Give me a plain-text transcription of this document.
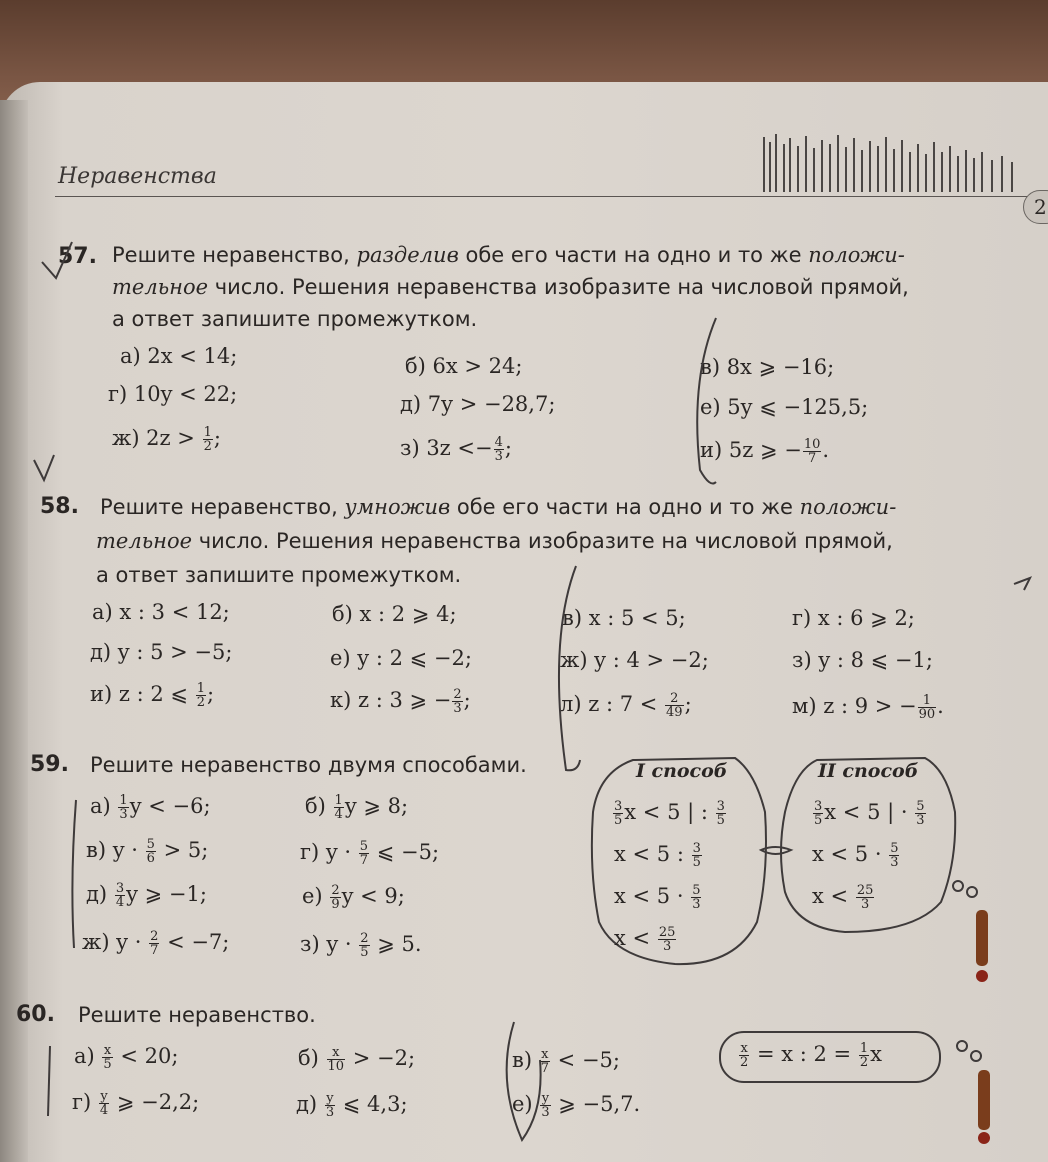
Неравенства
2
57. Решите неравенство, разделив обе его части на одно и то же положи-
тельное число. Решения неравенства изобразите на числовой прямой,
а ответ запишите промежутком.
а) 2x < 14;	б) 6x > 24;	в) 8x ⩾ −16;
г) 10y < 22;	д) 7y > −28,7;	е) 5y ⩽ −125,5;
ж) $2z > \frac{1}{2}$ ;	з) $3z <- \frac{4}{3}$ ;	и) 5z ⩾ − $\frac{10}{7}$ .
58. Решите неравенство, умножив обе его части на одно и то же положи-
тельное число. Решения неравенства изобразите на числовой прямой,
а ответ запишите промежутком.
а) x : 3 < 12;	б) x : 2 ⩾ 4;	в) x : 5 < 5;	г) x : 6 ⩾ 2;
д) y : 5 > −5;	е) y : 2 ⩽ −2;	ж) y : 4 > −2;	з) y : 8 ⩽ −1;
и) z : 2 ⩽ $\frac{1}{2}$ ;	к) z : 3 ⩾ − $\frac{2}{3}$ ;	л) z : $7 < \frac{2}{49}$ ;	м) z : 9 > − $\frac{1}{90}$ .
59. Решите неравенство двумя способами.
$а) \frac{1}{3}$ y < −6;	$б) \frac{1}{4}$ y ⩾ 8;
в) $y \cdot \frac{5}{6} > 5$;	г) $y \cdot \frac{5}{7}$ ⩽ −5;
$д) \frac{3}{4}$ y ⩾ −1;	$е) \frac{2}{9}$ y < 9;
ж) $y \cdot \frac{2}{7} < -7$;	з) $y \cdot \frac{2}{5}$ ⩾ 5.
I способ	II способ
$\frac{3}{5}$ x < 5 | : $\frac{3}{5}$
x < 5 : $\frac{3}{5}$
$x < 5 \cdot \frac{5}{3}$
$x < \frac{25}{3}$
$\frac{3}{5}$ x < 5 | · $\frac{5}{3}$
$x < 5 \cdot \frac{5}{3}$
$x < \frac{25}{3}$
60. Решите неравенство.
$а) \frac{x}{5} < 20$;	$б) \frac{x}{10} > -2$;	$в) \frac{x}{7} < -5$;
$г) \frac{y}{4}$ ⩾ −2,2;	$д) \frac{y}{3}$ ⩽ 4,3;	$е) \frac{y}{3}$ ⩾ −5,7.
$\frac{x}{2} = x$ : $2 = \frac{1}{2}$ x
